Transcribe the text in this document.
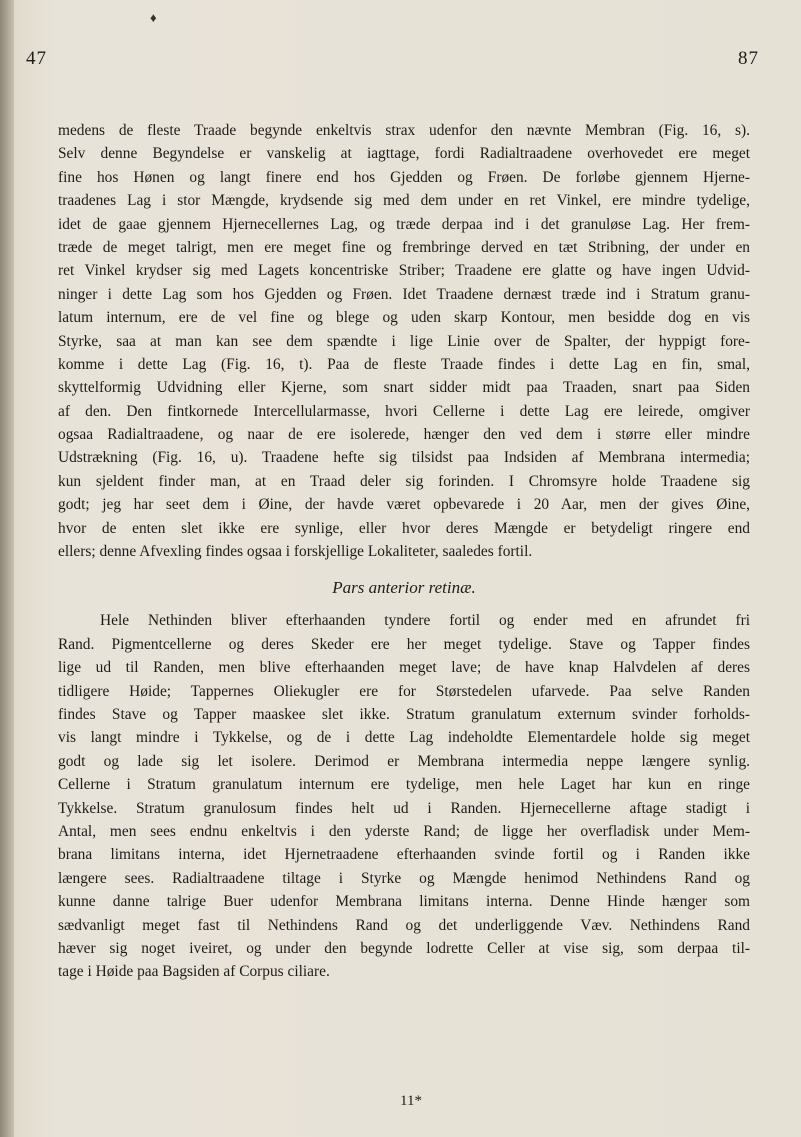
♦
47	87
medens de fleste Traade begynde enkeltvis strax udenfor den nævnte Membran (Fig. 16, s).
Selv denne Begyndelse er vanskelig at iagttage, fordi Radialtraadene overhovedet ere meget
fine hos Hønen og langt finere end hos Gjedden og Frøen. De forløbe gjennem Hjerne-
traadenes Lag i stor Mængde, krydsende sig med dem under en ret Vinkel, ere mindre tydelige,
idet de gaae gjennem Hjernecellernes Lag, og træde derpaa ind i det granuløse Lag. Her frem-
træde de meget talrigt, men ere meget fine og frembringe derved en tæt Stribning, der under en
ret Vinkel krydser sig med Lagets koncentriske Striber; Traadene ere glatte og have ingen Udvid-
ninger i dette Lag som hos Gjedden og Frøen. Idet Traadene dernæst træde ind i Stratum granu-
latum internum, ere de vel fine og blege og uden skarp Kontour, men besidde dog en vis
Styrke, saa at man kan see dem spændte i lige Linie over de Spalter, der hyppigt fore-
komme i dette Lag (Fig. 16, t). Paa de fleste Traade findes i dette Lag en fin, smal,
skyttelformig Udvidning eller Kjerne, som snart sidder midt paa Traaden, snart paa Siden
af den. Den fintkornede Intercellularmasse, hvori Cellerne i dette Lag ere leirede, omgiver
ogsaa Radialtraadene, og naar de ere isolerede, hænger den ved dem i større eller mindre
Udstrækning (Fig. 16, u). Traadene hefte sig tilsidst paa Indsiden af Membrana intermedia;
kun sjeldent finder man, at en Traad deler sig forinden. I Chromsyre holde Traadene sig
godt; jeg har seet dem i Øine, der havde været opbevarede i 20 Aar, men der gives Øine,
hvor de enten slet ikke ere synlige, eller hvor deres Mængde er betydeligt ringere end
ellers; denne Afvexling findes ogsaa i forskjellige Lokaliteter, saaledes fortil.
Pars anterior retinæ.
Hele Nethinden bliver efterhaanden tyndere fortil og ender med en afrundet fri
Rand. Pigmentcellerne og deres Skeder ere her meget tydelige. Stave og Tapper findes
lige ud til Randen, men blive efterhaanden meget lave; de have knap Halvdelen af deres
tidligere Høide; Tappernes Oliekugler ere for Størstedelen ufarvede. Paa selve Randen
findes Stave og Tapper maaskee slet ikke. Stratum granulatum externum svinder forholds-
vis langt mindre i Tykkelse, og de i dette Lag indeholdte Elementardele holde sig meget
godt og lade sig let isolere. Derimod er Membrana intermedia neppe længere synlig.
Cellerne i Stratum granulatum internum ere tydelige, men hele Laget har kun en ringe
Tykkelse. Stratum granulosum findes helt ud i Randen. Hjernecellerne aftage stadigt i
Antal, men sees endnu enkeltvis i den yderste Rand; de ligge her overfladisk under Mem-
brana limitans interna, idet Hjernetraadene efterhaanden svinde fortil og i Randen ikke
længere sees. Radialtraadene tiltage i Styrke og Mængde henimod Nethindens Rand og
kunne danne talrige Buer udenfor Membrana limitans interna. Denne Hinde hænger som
sædvanligt meget fast til Nethindens Rand og det underliggende Væv. Nethindens Rand
hæver sig noget iveiret, og under den begynde lodrette Celler at vise sig, som derpaa til-
tage i Høide paa Bagsiden af Corpus ciliare.
11*
